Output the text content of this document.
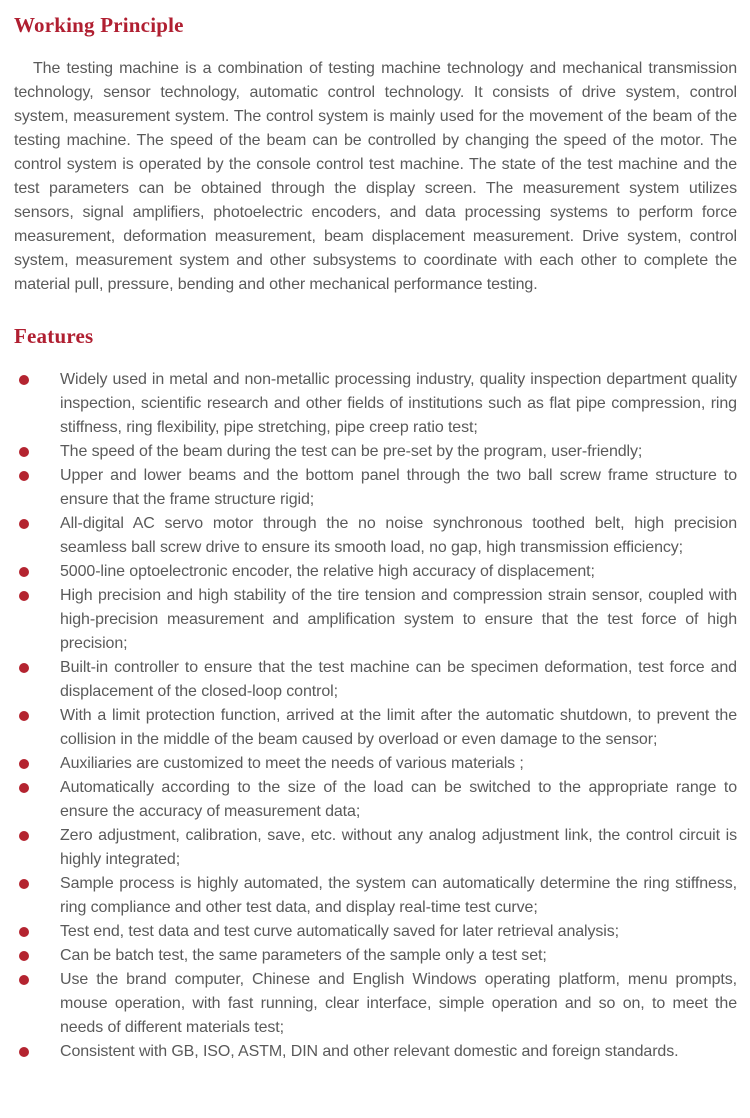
Working Principle

The testing machine is a combination of testing machine technology and mechanical transmission technology, sensor technology, automatic control technology. It consists of drive system, control system, measurement system. The control system is mainly used for the movement of the beam of the testing machine. The speed of the beam can be controlled by changing the speed of the motor. The control system is operated by the console control test machine. The state of the test machine and the test parameters can be obtained through the display screen. The measurement system utilizes sensors, signal amplifiers, photoelectric encoders, and data processing systems to perform force measurement, deformation measurement, beam displacement measurement. Drive system, control system, measurement system and other subsystems to coordinate with each other to complete the material pull, pressure, bending and other mechanical performance testing.

Features
Widely used in metal and non-metallic processing industry, quality inspection department quality inspection, scientific research and other fields of institutions such as flat pipe compression, ring stiffness, ring flexibility, pipe stretching, pipe creep ratio test;
The speed of the beam during the test can be pre-set by the program, user-friendly;
Upper and lower beams and the bottom panel through the two ball screw frame structure to ensure that the frame structure rigid;
All-digital AC servo motor through the no noise synchronous toothed belt, high precision seamless ball screw drive to ensure its smooth load, no gap, high transmission efficiency;
5000-line optoelectronic encoder, the relative high accuracy of displacement;
High precision and high stability of the tire tension and compression strain sensor, coupled with high-precision measurement and amplification system to ensure that the test force of high precision;
Built-in controller to ensure that the test machine can be specimen deformation, test force and displacement of the closed-loop control;
With a limit protection function, arrived at the limit after the automatic shutdown, to prevent the collision in the middle of the beam caused by overload or even damage to the sensor;
Auxiliaries are customized to meet the needs of various materials ;
Automatically according to the size of the load can be switched to the appropriate range to ensure the accuracy of measurement data;
Zero adjustment, calibration, save, etc. without any analog adjustment link, the control circuit is highly integrated;
Sample process is highly automated, the system can automatically determine the ring stiffness, ring compliance and other test data, and display real-time test curve;
Test end, test data and test curve automatically saved for later retrieval analysis;
Can be batch test, the same parameters of the sample only a test set;
Use the brand computer, Chinese and English Windows operating platform, menu prompts, mouse operation, with fast running, clear interface, simple operation and so on, to meet the needs of different materials test;
Consistent with GB, ISO, ASTM, DIN and other relevant domestic and foreign standards.
